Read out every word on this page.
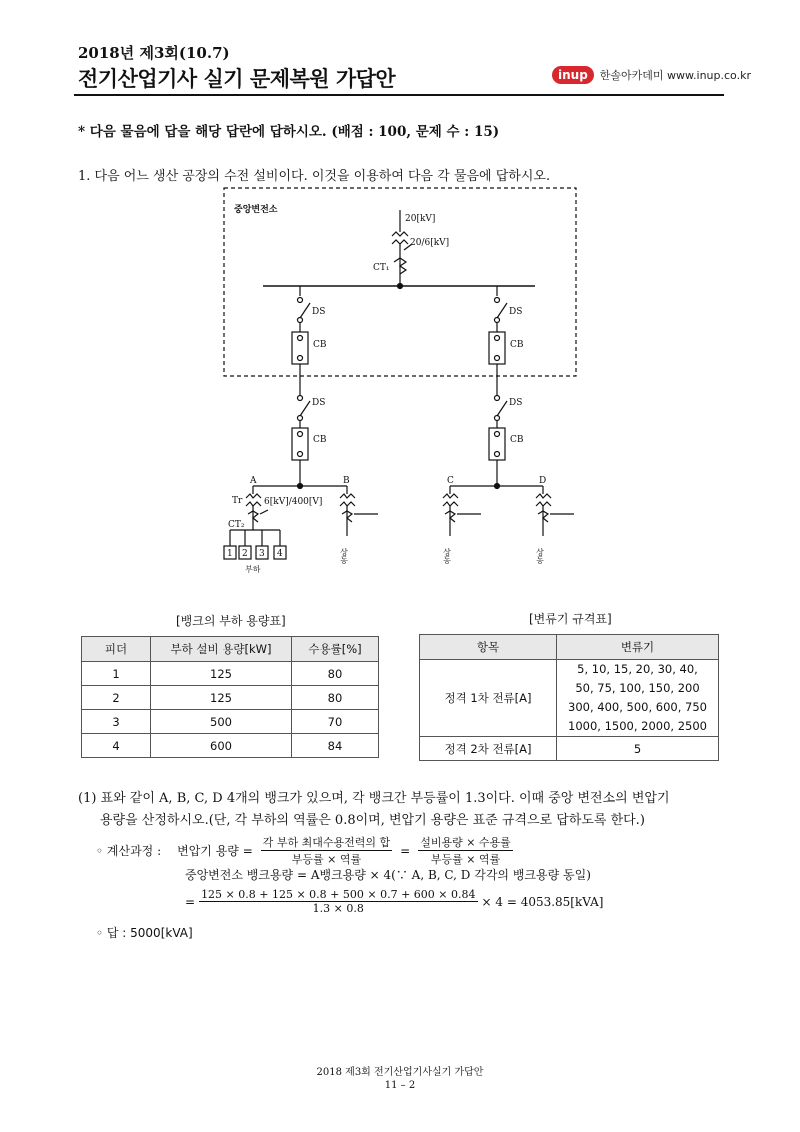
2018년 제3회(10.7)
전기산업기사 실기 문제복원 가답안	inup	한솔아카데미 www.inup.co.kr
* 다음 물음에 답을 해당 답란에 답하시오. (배점 : 100, 문제 수 : 15)
1. 다음 어느 생산 공장의 수전 설비이다. 이것을 이용하여 다음 각 물음에 답하시오.
중앙변전소
20[kV]
20/6[kV]
CT₁
DS
CB
DS
CB
DS
CB
DS
CB
A	B	C	D
Tr 6[kV]/400[V]
CT₂
1 2 3 4
부하
상동	상동	상동
[뱅크의 부하 용량표]
피더	부하 설비 용량[kW]	수용률[%]
1	125	80
2	125	80
3	500	70
4	600	84
[변류기 규격표]
항목	변류기
정격 1차 전류[A]	5, 10, 15, 20, 30, 40,
50, 75, 100, 150, 200
300, 400, 500, 600, 750
1000, 1500, 2000, 2500

정격 2차 전류[A]	5
(1) 표와 같이 A, B, C, D 4개의 뱅크가 있으며, 각 뱅크간 부등률이 1.3이다. 이때 중앙 변전소의 변압기
용량을 산정하시오.(단, 각 부하의 역률은 0.8이며, 변압기 용량은 표준 규격으로 답하도록 한다.)
◦ 계산과정 : 변압기 용량 = $\frac{\text{각 부하 최대수용전력의 합}}{\text{부등률 × 역률}} = \frac{\text{설비용량 × 수용률}}{\text{부등률 × 역률}}$
중앙변전소 뱅크용량 = A뱅크용량 × 4(∵ A, B, C, D 각각의 뱅크용량 동일)
= $\frac{125 \times 0.8 + 125 \times 0.8 + 500 \times 0.7 + 600 \times 0.84}{1.3 \times 0.8} \times 4 = 4053.85[kVA]$
◦ 답 : 5000[kVA]
2018 제3회 전기산업기사실기 가답안
11 – 2
